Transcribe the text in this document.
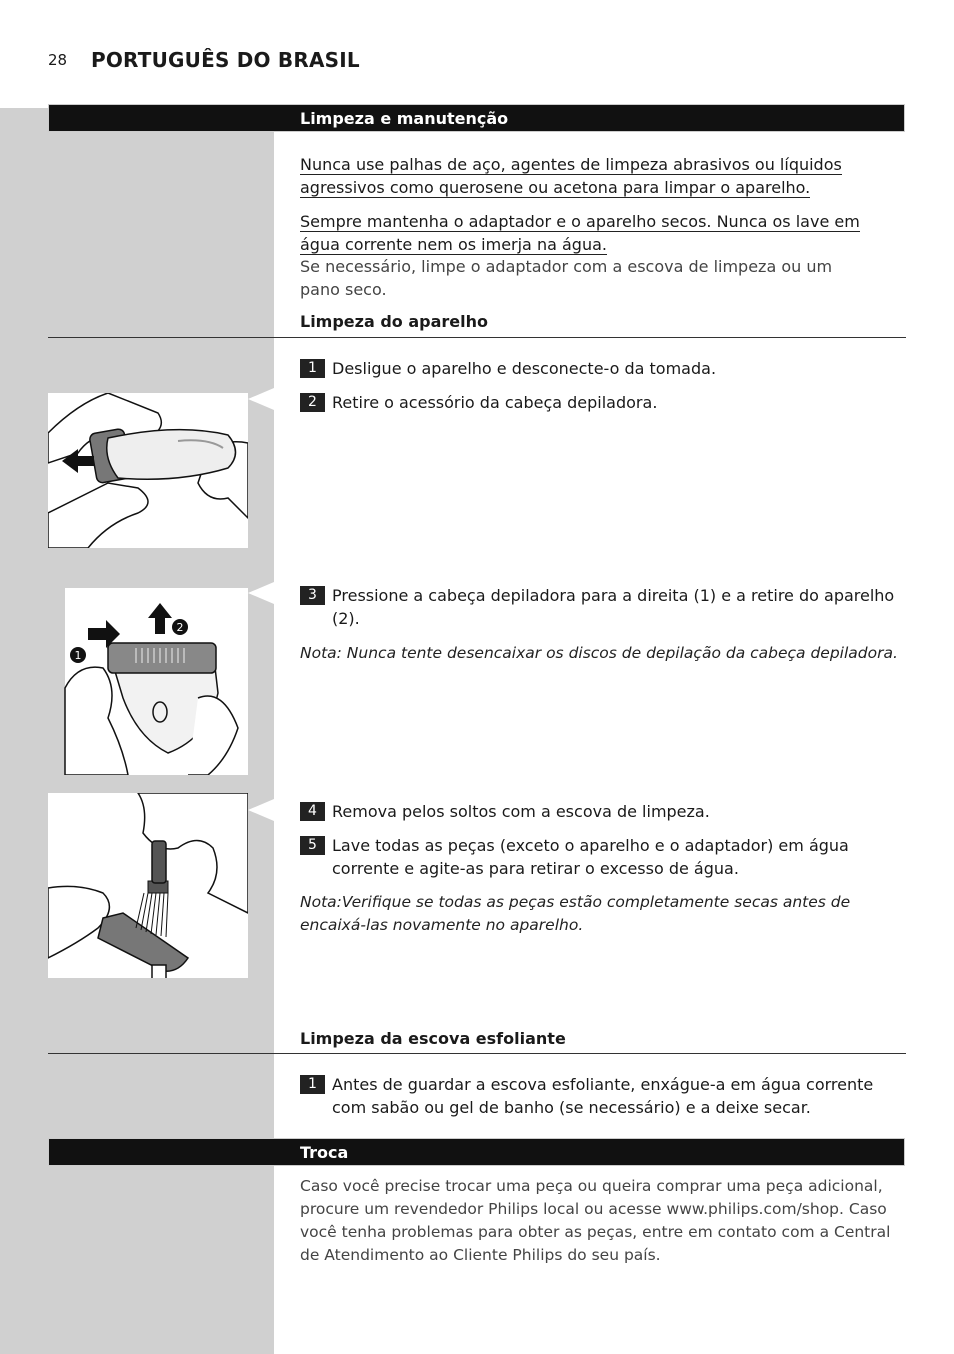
28 PORTUGUÊS DO BRASIL
Limpeza e manutenção
Nunca use palhas de aço, agentes de limpeza abrasivos ou líquidos agressivos como querosene ou acetona para limpar o aparelho.
Sempre mantenha o adaptador e o aparelho secos. Nunca os lave em água corrente nem os imerja na água.
Se necessário, limpe o adaptador com a escova de limpeza ou um pano seco.
Limpeza do aparelho
1 Desligue o aparelho e desconecte-o da tomada.
2 Retire o acessório da cabeça depiladora.
3 Pressione a cabeça depiladora para a direita (1) e a retire do aparelho (2).
Nota: Nunca tente desencaixar os discos de depilação da cabeça depiladora.
1
2
4 Remova pelos soltos com a escova de limpeza.
5 Lave todas as peças (exceto o aparelho e o adaptador) em água corrente e agite-as para retirar o excesso de água.
Nota:Verifique se todas as peças estão completamente secas antes de encaixá-las novamente no aparelho.
Limpeza da escova esfoliante
1 Antes de guardar a escova esfoliante, enxágue-a em água corrente com sabão ou gel de banho (se necessário) e a deixe secar.
Troca
Caso você precise trocar uma peça ou queira comprar uma peça adicional, procure um revendedor Philips local ou acesse www.philips.com/shop. Caso você tenha problemas para obter as peças, entre em contato com a Central de Atendimento ao Cliente Philips do seu país.
